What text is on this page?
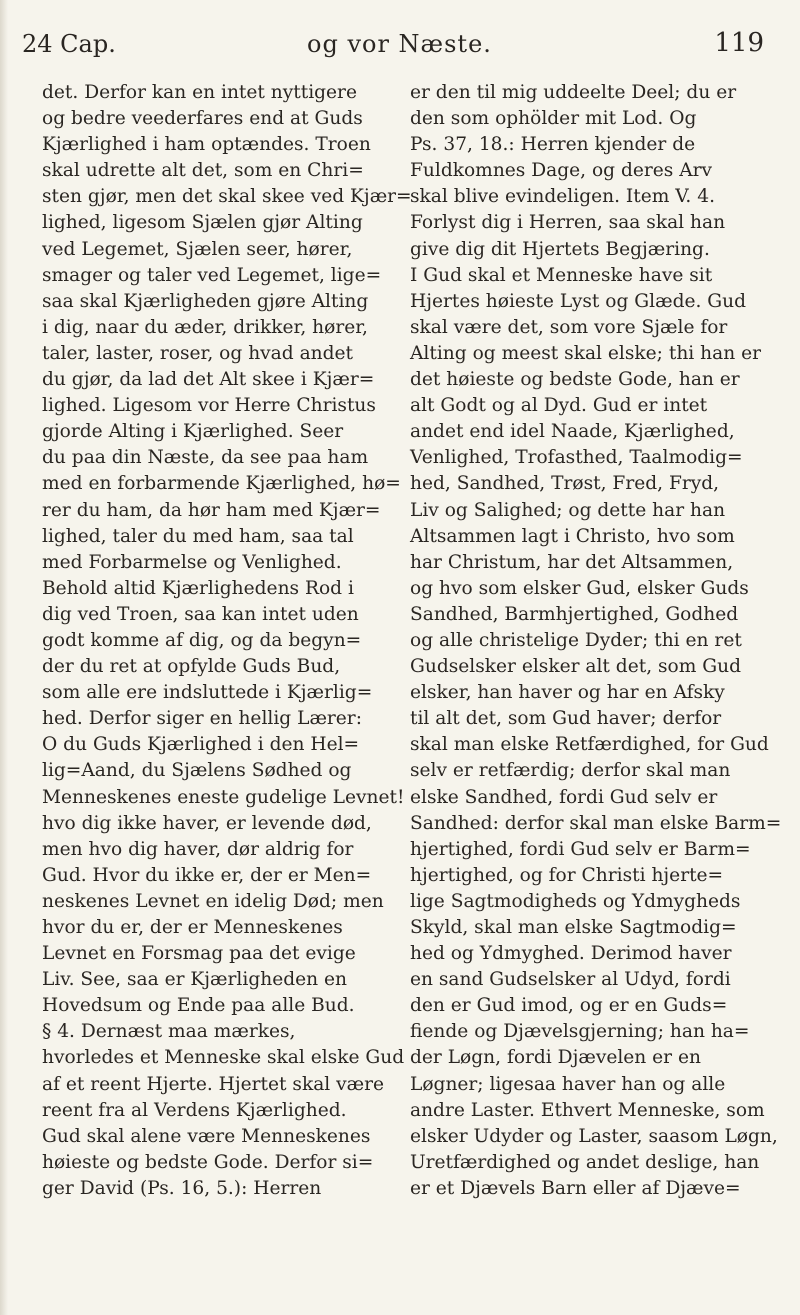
24 Cap.	og vor Næste.	119
det. Derfor kan en intet nyttigere
og bedre veederfares end at Guds
Kjærlighed i ham optændes. Troen
skal udrette alt det, som en Chri=
sten gjør, men det skal skee ved Kjær=
lighed, ligesom Sjælen gjør Alting
ved Legemet, Sjælen seer, hører,
smager og taler ved Legemet, lige=
saa skal Kjærligheden gjøre Alting
i dig, naar du æder, drikker, hører,
taler, laster, roser, og hvad andet
du gjør, da lad det Alt skee i Kjær=
lighed. Ligesom vor Herre Christus
gjorde Alting i Kjærlighed. Seer
du paa din Næste, da see paa ham
med en forbarmende Kjærlighed, hø=
rer du ham, da hør ham med Kjær=
lighed, taler du med ham, saa tal
med Forbarmelse og Venlighed.
Behold altid Kjærlighedens Rod i
dig ved Troen, saa kan intet uden
godt komme af dig, og da begyn=
der du ret at opfylde Guds Bud,
som alle ere indsluttede i Kjærlig=
hed. Derfor siger en hellig Lærer:
O du Guds Kjærlighed i den Hel=
lig=Aand, du Sjælens Sødhed og
Menneskenes eneste gudelige Levnet!
hvo dig ikke haver, er levende død,
men hvo dig haver, dør aldrig for
Gud. Hvor du ikke er, der er Men=
neskenes Levnet en idelig Død; men
hvor du er, der er Menneskenes
Levnet en Forsmag paa det evige
Liv. See, saa er Kjærligheden en
Hovedsum og Ende paa alle Bud.
§ 4. Dernæst maa mærkes,
hvorledes et Menneske skal elske Gud
af et reent Hjerte. Hjertet skal være
reent fra al Verdens Kjærlighed.
Gud skal alene være Menneskenes
høieste og bedste Gode. Derfor si=
ger David (Ps. 16, 5.): Herren
er den til mig uddeelte Deel; du er
den som ophölder mit Lod. Og
Ps. 37, 18.: Herren kjender de
Fuldkomnes Dage, og deres Arv
skal blive evindeligen. Item V. 4.
Forlyst dig i Herren, saa skal han
give dig dit Hjertets Begjæring.
I Gud skal et Menneske have sit
Hjertes høieste Lyst og Glæde. Gud
skal være det, som vore Sjæle for
Alting og meest skal elske; thi han er
det høieste og bedste Gode, han er
alt Godt og al Dyd. Gud er intet
andet end idel Naade, Kjærlighed,
Venlighed, Trofasthed, Taalmodig=
hed, Sandhed, Trøst, Fred, Fryd,
Liv og Salighed; og dette har han
Altsammen lagt i Christo, hvo som
har Christum, har det Altsammen,
og hvo som elsker Gud, elsker Guds
Sandhed, Barmhjertighed, Godhed
og alle christelige Dyder; thi en ret
Gudselsker elsker alt det, som Gud
elsker, han haver og har en Afsky
til alt det, som Gud haver; derfor
skal man elske Retfærdighed, for Gud
selv er retfærdig; derfor skal man
elske Sandhed, fordi Gud selv er
Sandhed: derfor skal man elske Barm=
hjertighed, fordi Gud selv er Barm=
hjertighed, og for Christi hjerte=
lige Sagtmodigheds og Ydmygheds
Skyld, skal man elske Sagtmodig=
hed og Ydmyghed. Derimod haver
en sand Gudselsker al Udyd, fordi
den er Gud imod, og er en Guds=
fiende og Djævelsgjerning; han ha=
der Løgn, fordi Djævelen er en
Løgner; ligesaa haver han og alle
andre Laster. Ethvert Menneske, som
elsker Udyder og Laster, saasom Løgn,
Uretfærdighed og andet deslige, han
er et Djævels Barn eller af Djæve=
